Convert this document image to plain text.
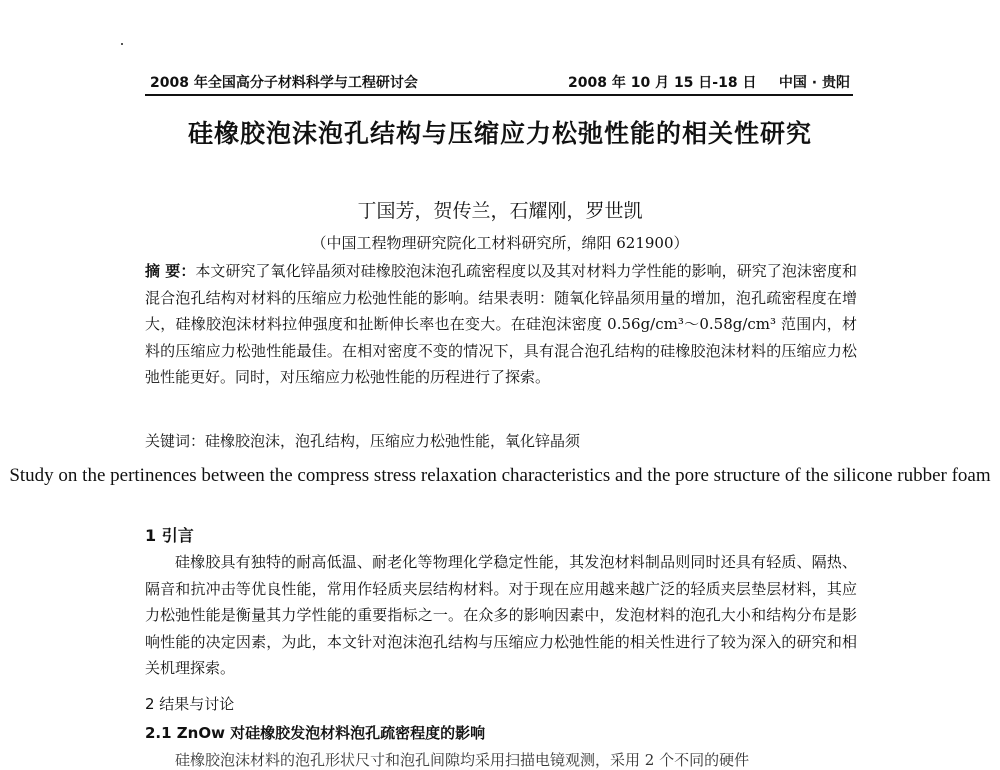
2008 年全国高分子材料科学与工程研讨会	2008 年 10 月 15 日-18 日 中国 · 贵阳
硅橡胶泡沫泡孔结构与压缩应力松弛性能的相关性研究
丁国芳，贺传兰，石耀刚，罗世凯
（中国工程物理研究院化工材料研究所，绵阳 621900）
摘 要：本文研究了氧化锌晶须对硅橡胶泡沫泡孔疏密程度以及其对材料力学性能的影响，研究了泡沫密度和混合泡孔结构对材料的压缩应力松弛性能的影响。结果表明：随氧化锌晶须用量的增加，泡孔疏密程度在增大，硅橡胶泡沫材料拉伸强度和扯断伸长率也在变大。在硅泡沫密度 0.56g/cm³～0.58g/cm³ 范围内，材料的压缩应力松弛性能最佳。在相对密度不变的情况下，具有混合泡孔结构的硅橡胶泡沫材料的压缩应力松弛性能更好。同时，对压缩应力松弛性能的历程进行了探索。
关键词：硅橡胶泡沫，泡孔结构，压缩应力松弛性能，氧化锌晶须
Study on the pertinences between the compress stress relaxation characteristics and the pore structure of the silicone rubber foam
1 引言
硅橡胶具有独特的耐高低温、耐老化等物理化学稳定性能，其发泡材料制品则同时还具有轻质、隔热、隔音和抗冲击等优良性能，常用作轻质夹层结构材料。对于现在应用越来越广泛的轻质夹层垫层材料，其应力松弛性能是衡量其力学性能的重要指标之一。在众多的影响因素中，发泡材料的泡孔大小和结构分布是影响性能的决定因素，为此，本文针对泡沫泡孔结构与压缩应力松弛性能的相关性进行了较为深入的研究和相关机理探索。
2 结果与讨论
2.1 ZnOw 对硅橡胶发泡材料泡孔疏密程度的影响
硅橡胶泡沫材料的泡孔形状尺寸和泡孔间隙均采用扫描电镜观测，采用 2 个不同的硬件
